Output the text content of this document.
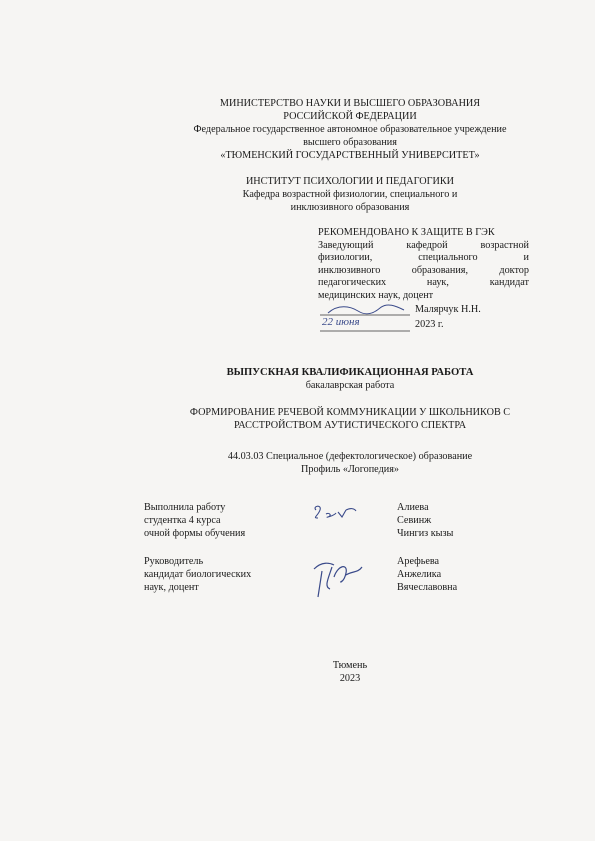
МИНИСТЕРСТВО НАУКИ И ВЫСШЕГО ОБРАЗОВАНИЯ
РОССИЙСКОЙ ФЕДЕРАЦИИ
Федеральное государственное автономное образовательное учреждение
высшего образования
«ТЮМЕНСКИЙ ГОСУДАРСТВЕННЫЙ УНИВЕРСИТЕТ»
ИНСТИТУТ ПСИХОЛОГИИ И ПЕДАГОГИКИ
Кафедра возрастной физиологии, специального и
инклюзивного образования
РЕКОМЕНДОВАНО К ЗАЩИТЕ В ГЭК
Заведующий	кафедрой	возрастной
физиологии,	специального	и
инклюзивного	образования,	доктор
педагогических	наук,	кандидат
медицинских наук, доцент
Малярчук Н.Н.
22 июня	2023 г.
ВЫПУСКНАЯ КВАЛИФИКАЦИОННАЯ РАБОТА
бакалаврская работа
ФОРМИРОВАНИЕ РЕЧЕВОЙ КОММУНИКАЦИИ У ШКОЛЬНИКОВ С
РАССТРОЙСТВОМ АУТИСТИЧЕСКОГО СПЕКТРА
44.03.03 Специальное (дефектологическое) образование
Профиль «Логопедия»
Выполнила работу
студентка 4 курса
очной формы обучения
Алиева
Севинж
Чингиз кызы
Руководитель
кандидат биологических
наук, доцент
Арефьева
Анжелика
Вячеславовна
Тюмень
2023
